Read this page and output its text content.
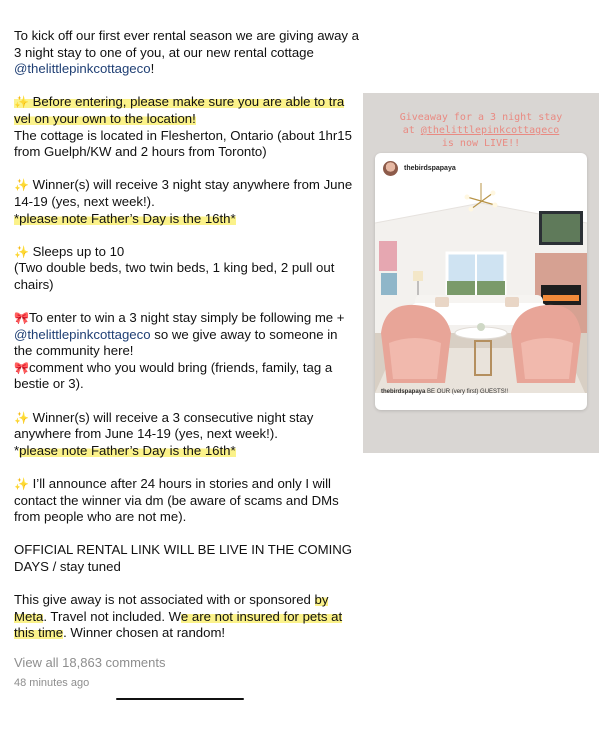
To kick off our first ever rental season we are giving away a 3 night stay to one of you, at our new rental cottage @thelittlepinkcottageco!

✨ Before entering, please make sure you are able to tra
vel on your own to the location!

The cottage is located in Flesherton, Ontario (about 1hr15 from Guelph/KW and 2 hours from Toronto)

✨ Winner(s) will receive 3 night stay anywhere from June 14-19 (yes, next week!).
*please note Father’s Day is the 16th*

✨ Sleeps up to 10
(Two double beds, two twin beds, 1 king bed, 2 pull out chairs)

🎀To enter to win a 3 night stay simply be following me + @thelittlepinkcottageco so we give away to someone in the community here!
🎀comment who you would bring (friends, family, tag a bestie or 3).

✨ Winner(s) will receive a 3 consecutive night stay anywhere from June 14-19 (yes, next week!).
*please note Father’s Day is the 16th*

✨ I’ll announce after 24 hours in stories and only I will contact the winner via dm (be aware of scams and DMs from people who are not me).

OFFICIAL RENTAL LINK WILL BE LIVE IN THE COMING DAYS / stay tuned

This give away is not associated with or sponsored by Meta. Travel not included. We are not insured for pets at this time. Winner chosen at random!

View all 18,863 comments
48 minutes ago
Giveaway for a 3 night stay
at @thelittlepinkcottageco
is now LIVE!!
thebirdspapaya
thebirdspapaya BE OUR (very first) GUESTS!!
